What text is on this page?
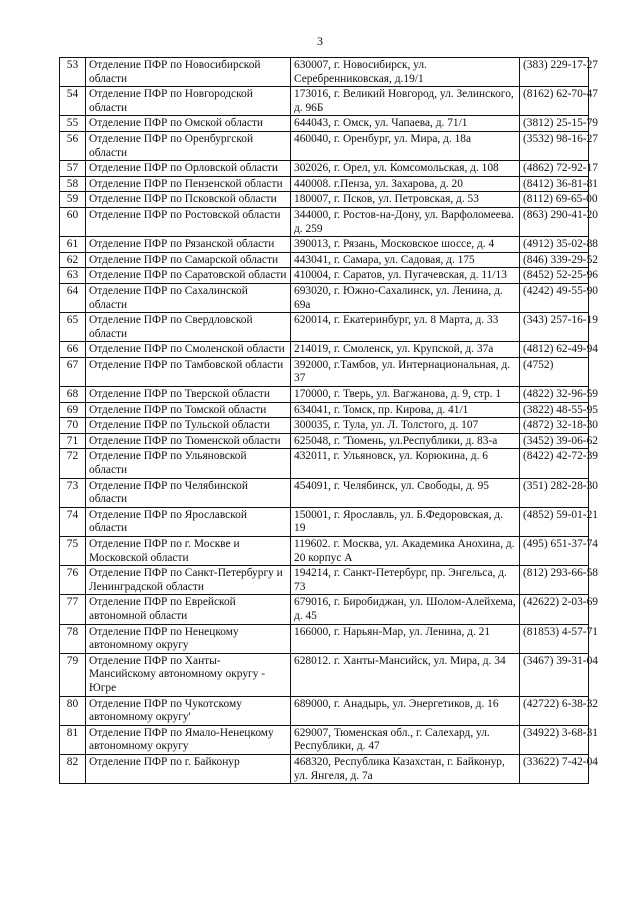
3
53	Отделение ПФР по Новосибирской области	630007, г. Новосибирск, ул. Серебренниковская, д.19/1	(383) 229-17-27
54	Отделение ПФР по Новгородской области	173016, г. Великий Новгород, ул. Зелинского, д. 96Б	(8162) 62-70-47
55	Отделение ПФР по Омской области	644043, г. Омск, ул. Чапаева, д. 71/1	(3812) 25-15-79
56	Отделение ПФР по Оренбургской области	460040, г. Оренбург, ул. Мира, д. 18а	(3532) 98-16-27
57	Отделение ПФР по Орловской области	302026, г. Орел, ул. Комсомольская, д. 108	(4862) 72-92-17
58	Отделение ПФР по Пензенской области	440008. г.Пенза, ул. Захарова, д. 20	(8412) 36-81-81
59	Отделение ПФР по Псковской области	180007, г. Псков, ул. Петровская, д. 53	(8112) 69-65-00
60	Отделение ПФР по Ростовской области	344000, г. Ростов-на-Дону, ул. Варфоломеева. д. 259	(863) 290-41-20
61	Отделение ПФР по Рязанской области	390013, г. Рязань, Московское шоссе, д. 4	(4912) 35-02-88
62	Отделение ПФР по Самарской области	443041, г. Самара, ул. Садовая, д. 175	(846) 339-29-52
63	Отделение ПФР по Саратовской области	410004, г. Саратов, ул. Пугачевская, д. 11/13	(8452) 52-25-96
64	Отделение ПФР по Сахалинской области	693020, г. Южно-Сахалинск, ул. Ленина, д. 69а	(4242) 49-55-90
65	Отделение ПФР по Свердловской области	620014, г. Екатеринбург, ул. 8 Марта, д. 33	(343) 257-16-19
66	Отделение ПФР по Смоленской области	214019, г. Смоленск, ул. Крупской, д. 37а	(4812) 62-49-94
67	Отделение ПФР по Тамбовской области	392000, г.Тамбов, ул. Интернациональная, д. 37	(4752)
68	Отделение ПФР по Тверской области	170000, г. Тверь, ул. Вагжанова, д. 9, стр. 1	(4822) 32-96-59
69	Отделение ПФР по Томской области	634041, г. Томск, пр. Кирова, д. 41/1	(3822) 48-55-95
70	Отделение ПФР по Тульской области	300035, г. Тула, ул. Л. Толстого, д. 107	(4872) 32-18-30
71	Отделение ПФР по Тюменской области	625048, г. 'Тюмень, ул.Республики, д. 83-а	(3452) 39-06-62
72	Отделение ПФР по Ульяновской области	432011, г. Ульяновск, ул. Корюкина, д. 6	(8422) 42-72-39
73	Отделение ПФР по Челябинской области	454091, г. Челябинск, ул. Свободы, д. 95	(351) 282-28-30
74	Отделение ПФР по Ярославской области	150001, г. Ярославль, ул. Б.Федоровская, д. 19	(4852) 59-01-21
75	Отделение ПФР по г. Москве и Московской области	119602. г. Москва, ул. Академика Анохина, д. 20 корпус А	(495) 651-37-74
76	Отделение ПФР по Санкт-Петербургу и Ленинградской области	194214, г. Санкт-Петербург, пр. Энгельса, д. 73	(812) 293-66-58
77	Отделение ПФР по Еврейской автономной области	679016, г. Биробиджан, ул. Шолом-Алейхема, д. 45	(42622) 2-03-69
78	Отделение ПФР по Ненецкому автономному округу	166000, г. Нарьян-Мар, ул. Ленина, д. 21	(81853) 4-57-71
79	Отделение ПФР по Ханты-Мансийскому автономному округу - Югре	628012. г. Ханты-Мансийск, ул. Мира, д. 34	(3467) 39-31-04
80	Отделение ПФР по Чукотскому автономному округу'	689000, г. Анадырь, ул. Энергетиков, д. 16	(42722) 6-38-32
81	Отделение ПФР по Ямало-Ненецкому автономному округу	629007, Тюменская обл., г. Салехард, ул. Республики, д. 47	(34922) 3-68-31
82	Отделение ПФР по г. Байконур	468320, Республика Казахстан, г. Байконур, ул. Янгеля, д. 7а	(33622) 7-42-04
